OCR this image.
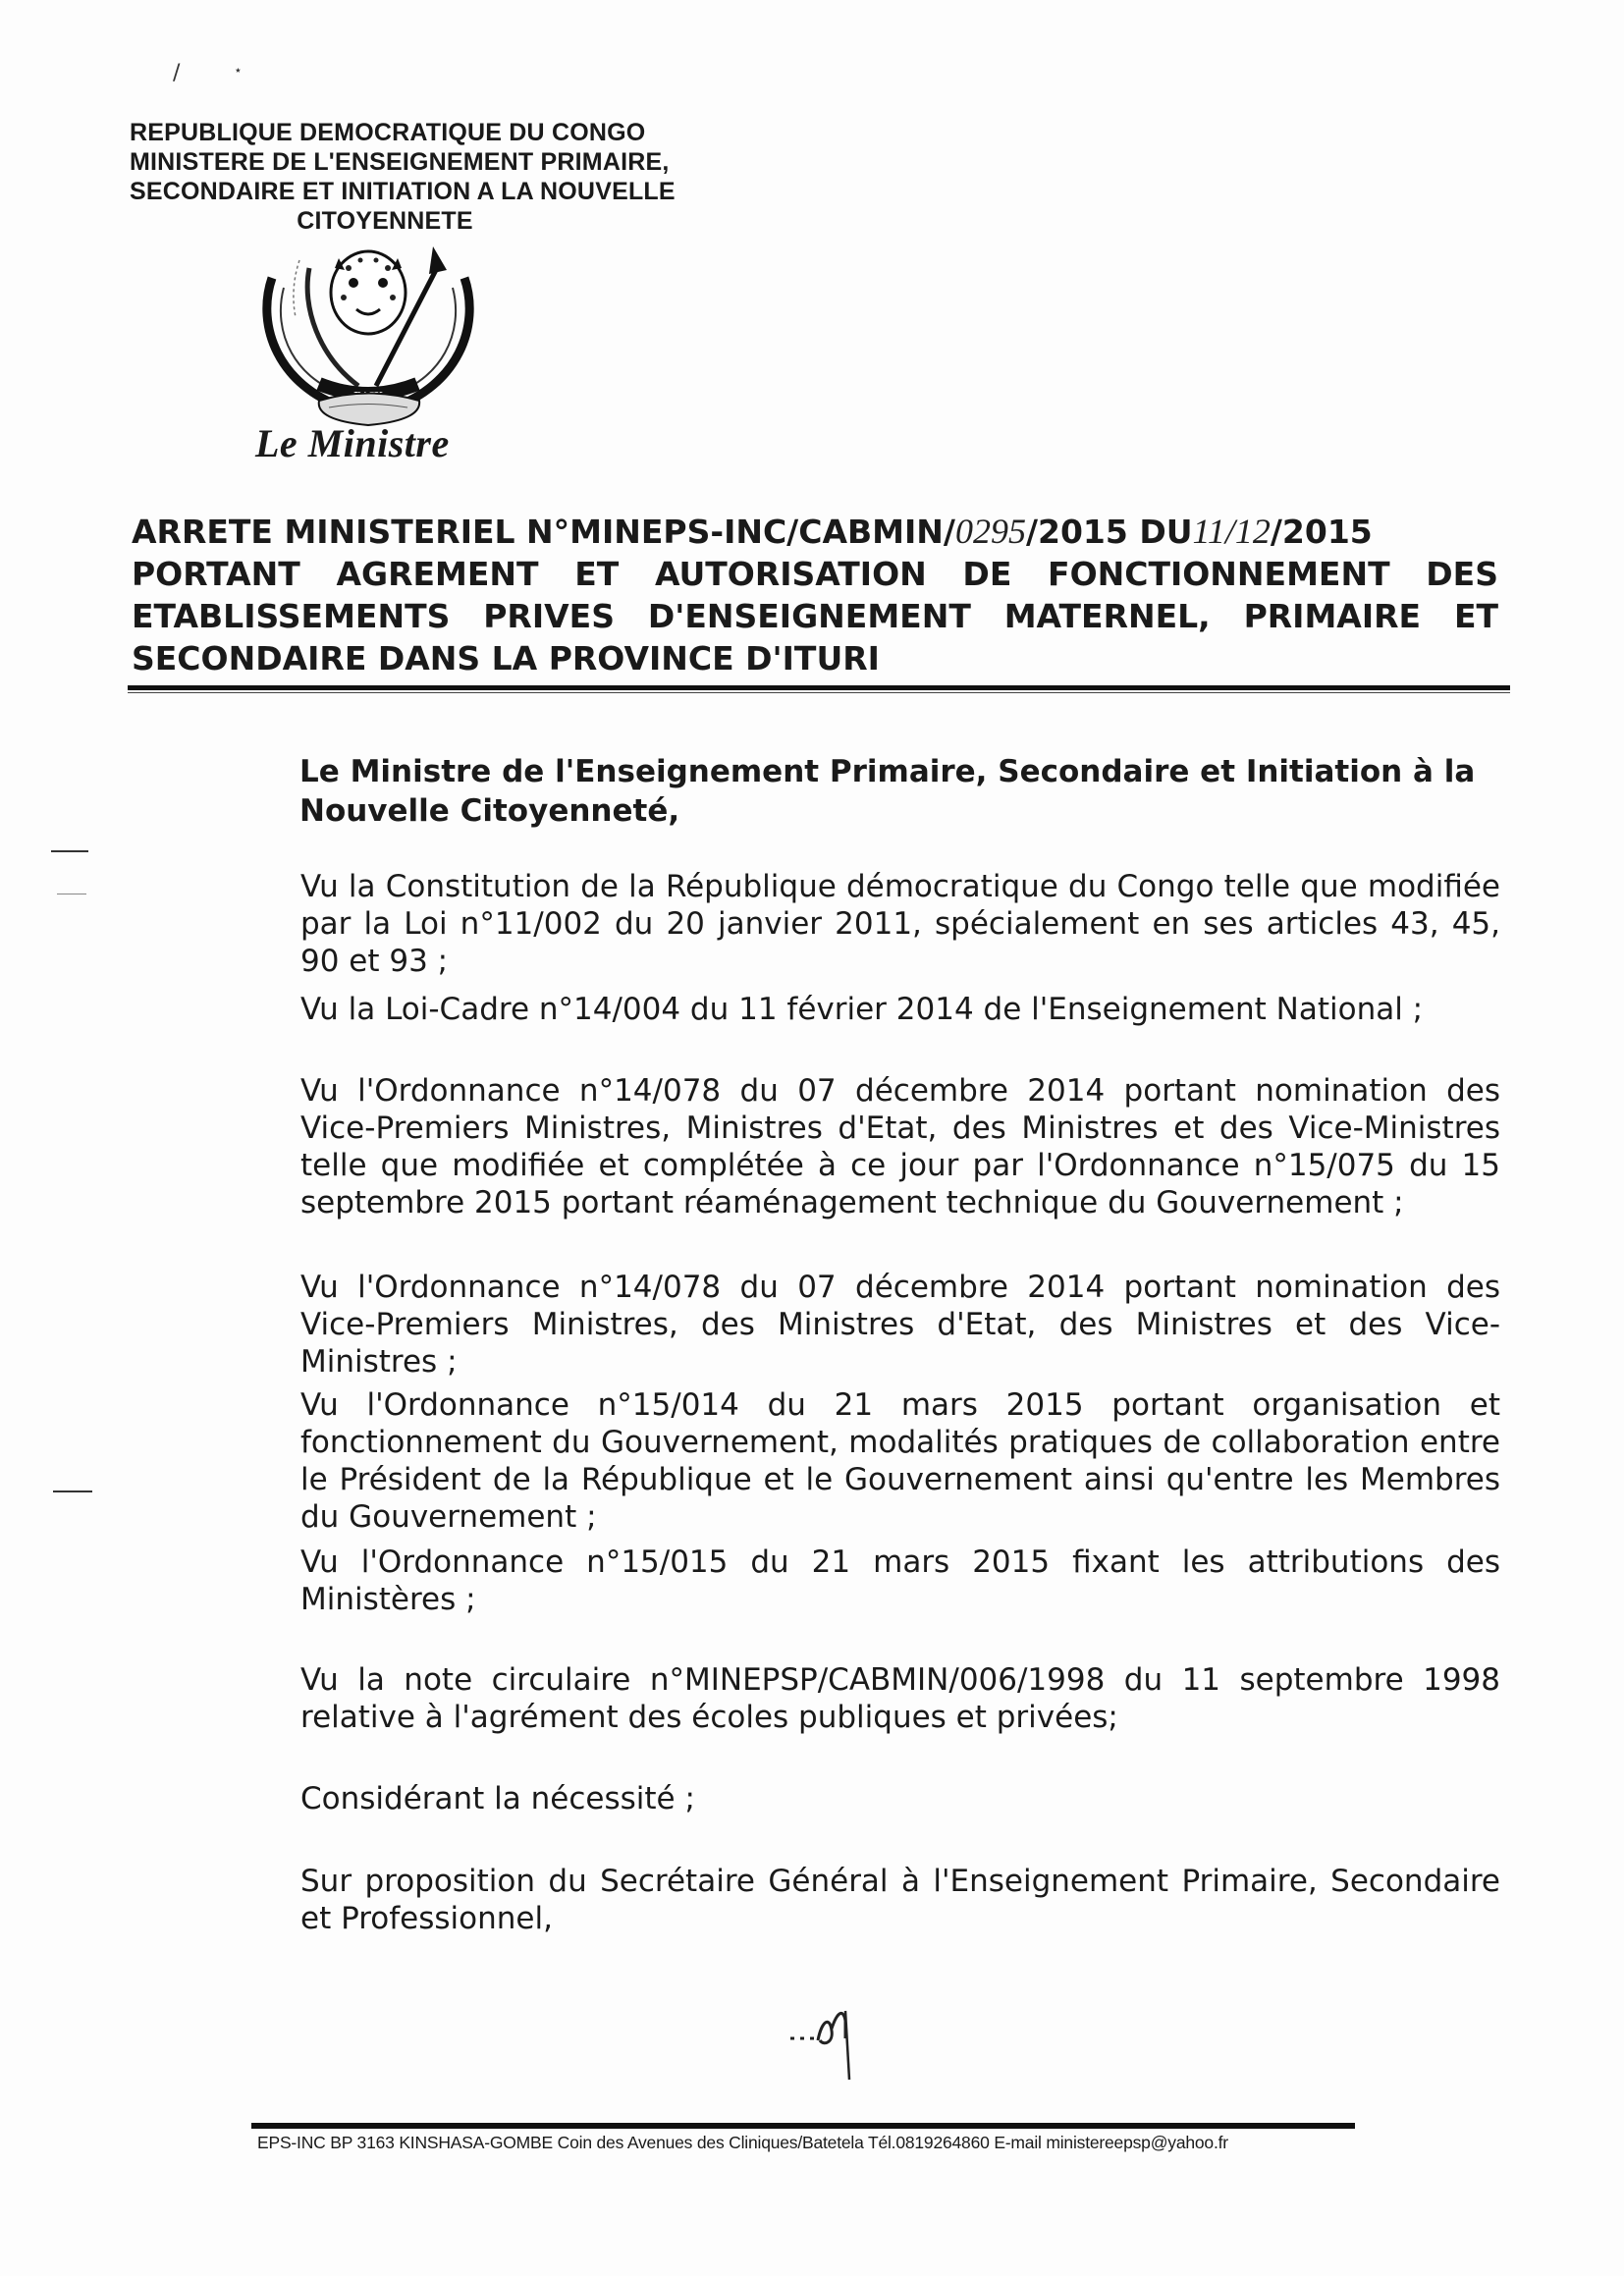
/	⋆
REPUBLIQUE DEMOCRATIQUE DU CONGO
MINISTERE DE L'ENSEIGNEMENT PRIMAIRE,
SECONDAIRE ET INITIATION A LA NOUVELLE
CITOYENNETE
Le Ministre
ARRETE MINISTERIEL N°MINEPS-INC/CABMIN/0295/2015 DU11/12/2015
PORTANT AGREMENT ET AUTORISATION DE FONCTIONNEMENT DES
ETABLISSEMENTS PRIVES D'ENSEIGNEMENT MATERNEL, PRIMAIRE ET
SECONDAIRE DANS LA PROVINCE D'ITURI
Le Ministre de l'Enseignement Primaire, Secondaire et Initiation à la Nouvelle Citoyenneté,
Vu la Constitution de la République démocratique du Congo telle que modifiée par la Loi n°11/002 du 20 janvier 2011, spécialement en ses articles 43, 45, 90 et 93 ;
Vu la Loi-Cadre n°14/004 du 11 février 2014 de l'Enseignement National ;
Vu l'Ordonnance n°14/078 du 07 décembre 2014 portant nomination des Vice-Premiers Ministres, Ministres d'Etat, des Ministres et des Vice-Ministres telle que modifiée et complétée à ce jour par l'Ordonnance n°15/075 du 15 septembre 2015 portant réaménagement technique du Gouvernement ;
Vu l'Ordonnance n°14/078 du 07 décembre 2014 portant nomination des Vice-Premiers Ministres, des Ministres d'Etat, des Ministres et des Vice-Ministres ;
Vu l'Ordonnance n°15/014 du 21 mars 2015 portant organisation et fonctionnement du Gouvernement, modalités pratiques de collaboration entre le Président de la République et le Gouvernement ainsi qu'entre les Membres du Gouvernement ;
Vu l'Ordonnance n°15/015 du 21 mars 2015 fixant les attributions des Ministères ;
Vu la note circulaire n°MINEPSP/CABMIN/006/1998 du 11 septembre 1998 relative à l'agrément des écoles publiques et privées;
Considérant la nécessité ;
Sur proposition du Secrétaire Général à l'Enseignement Primaire, Secondaire et Professionnel,
EPS-INC BP 3163 KINSHASA-GOMBE Coin des Avenues des Cliniques/Batetela Tél.0819264860 E-mail ministereepsp@yahoo.fr
